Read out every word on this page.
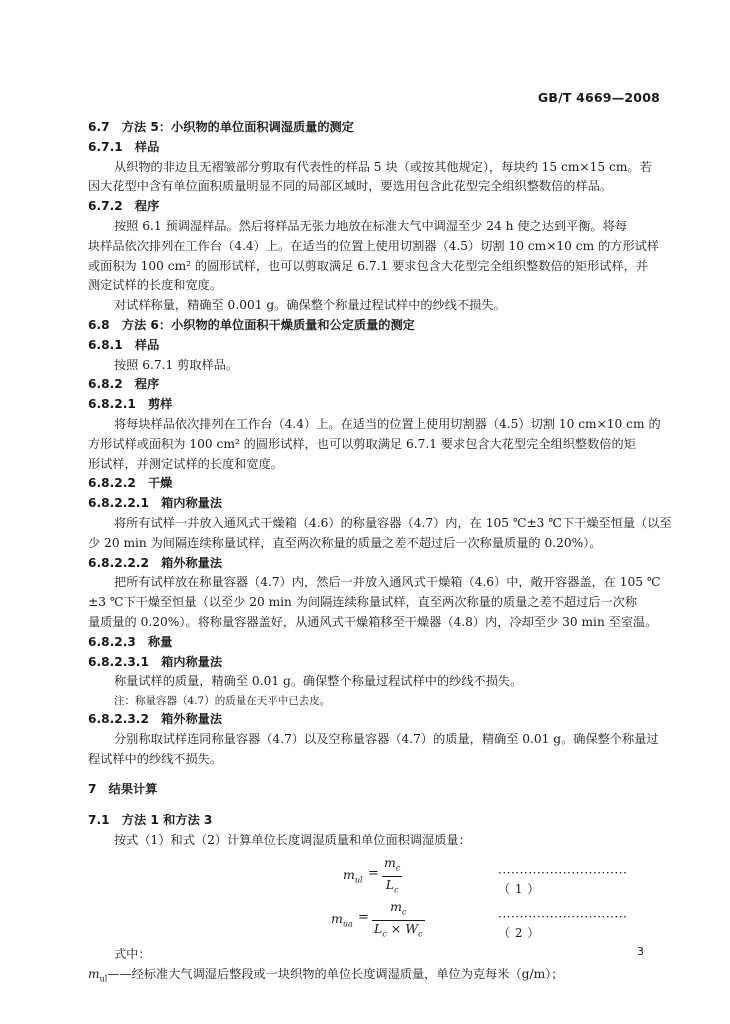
GB/T 4669—2008
6.7　方法 5：小织物的单位面积调湿质量的测定
6.7.1　样品
从织物的非边且无褶皱部分剪取有代表性的样品 5 块（或按其他规定），每块约 15 cm×15 cm。若
因大花型中含有单位面积质量明显不同的局部区域时，要选用包含此花型完全组织整数倍的样品。
6.7.2　程序
按照 6.1 预调湿样品。然后将样品无张力地放在标准大气中调湿至少 24 h 使之达到平衡。将每
块样品依次排列在工作台（4.4）上。在适当的位置上使用切割器（4.5）切割 10 cm×10 cm 的方形试样
或面积为 100 cm² 的圆形试样，也可以剪取满足 6.7.1 要求包含大花型完全组织整数倍的矩形试样，并
测定试样的长度和宽度。
对试样称量，精确至 0.001 g。确保整个称量过程试样中的纱线不损失。
6.8　方法 6：小织物的单位面积干燥质量和公定质量的测定
6.8.1　样品
按照 6.7.1 剪取样品。
6.8.2　程序
6.8.2.1　剪样
将每块样品依次排列在工作台（4.4）上。在适当的位置上使用切割器（4.5）切割 10 cm×10 cm 的
方形试样或面积为 100 cm² 的圆形试样，也可以剪取满足 6.7.1 要求包含大花型完全组织整数倍的矩
形试样，并测定试样的长度和宽度。
6.8.2.2　干燥
6.8.2.2.1　箱内称量法
将所有试样一并放入通风式干燥箱（4.6）的称量容器（4.7）内，在 105 ℃±3 ℃下干燥至恒量（以至
少 20 min 为间隔连续称量试样，直至两次称量的质量之差不超过后一次称量质量的 0.20%）。
6.8.2.2.2　箱外称量法
把所有试样放在称量容器（4.7）内，然后一并放入通风式干燥箱（4.6）中，敞开容器盖，在 105 ℃
±3 ℃下干燥至恒量（以至少 20 min 为间隔连续称量试样，直至两次称量的质量之差不超过后一次称
量质量的 0.20%）。将称量容器盖好，从通风式干燥箱移至干燥器（4.8）内，冷却至少 30 min 至室温。
6.8.2.3　称量
6.8.2.3.1　箱内称量法
称量试样的质量，精确至 0.01 g。确保整个称量过程试样中的纱线不损失。
注：称量容器（4.7）的质量在天平中已去皮。
6.8.2.3.2　箱外称量法
分别称取试样连同称量容器（4.7）以及空称量容器（4.7）的质量，精确至 0.01 g。确保整个称量过
程试样中的纱线不损失。
7　结果计算
7.1　方法 1 和方法 3
按式（1）和式（2）计算单位长度调湿质量和单位面积调湿质量：
$m_{ul}$ =
$m_c$
$L_c$
······························（ 1 ）
$m_{ua}$ =
$m_c$
$L_c \times W_c$
······························（ 2 ）
式中：
$m_{ul}——$经标准大气调湿后整段或一块织物的单位长度调湿质量，单位为克每米（g/m）；
3
